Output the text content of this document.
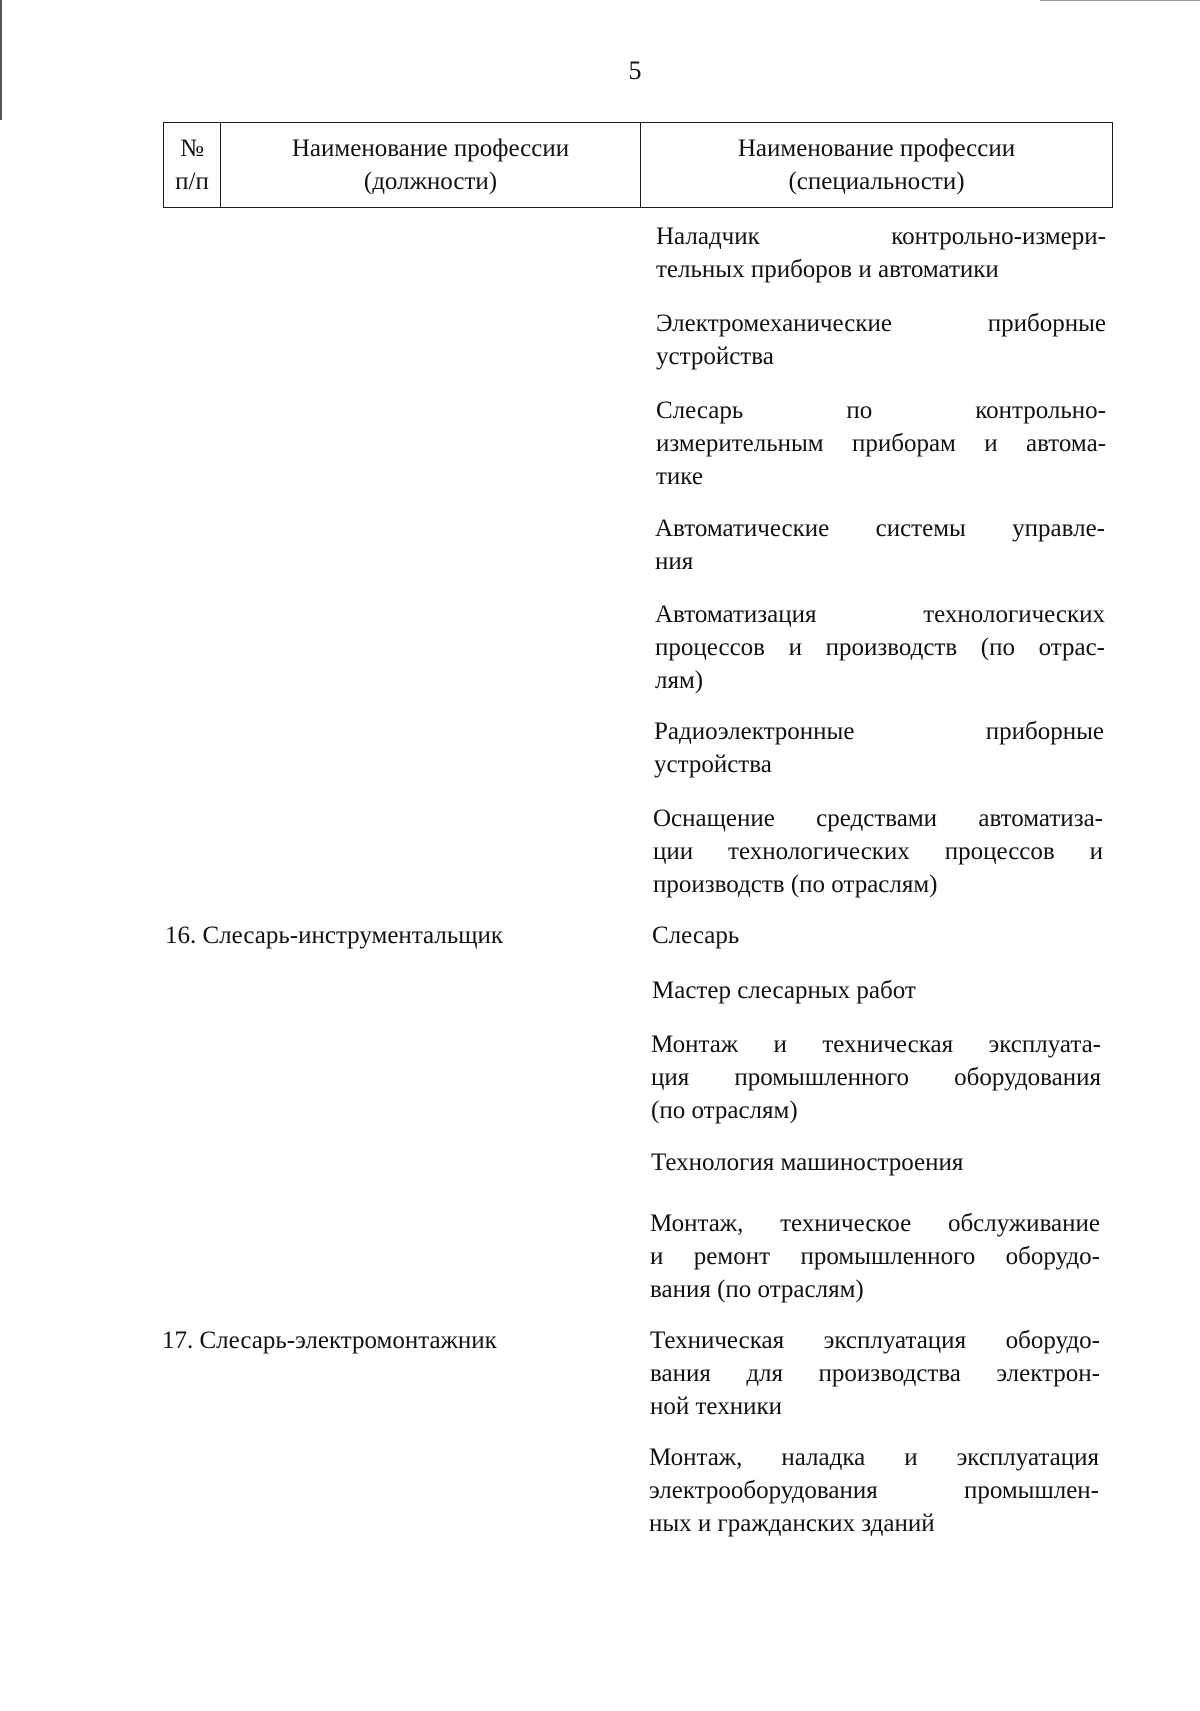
5
№
п/п
Наименование профессии
(должности)
Наименование профессии
(специальности)
16. Слесарь-инструментальщик
17. Слесарь-электромонтажник
Наладчик контрольно-измери-
тельных приборов и автоматики
Электромеханические приборные
устройства
Слесарь по контрольно-
измерительным приборам и автома-
тике
Автоматические системы управле-
ния
Автоматизация технологических
процессов и производств (по отрас-
лям)
Радиоэлектронные приборные
устройства
Оснащение средствами автоматиза-
ции технологических процессов и
производств (по отраслям)
Слесарь
Мастер слесарных работ
Монтаж и техническая эксплуата-
ция промышленного оборудования
(по отраслям)
Технология машиностроения
Монтаж, техническое обслуживание
и ремонт промышленного оборудо-
вания (по отраслям)
Техническая эксплуатация оборудо-
вания для производства электрон-
ной техники
Монтаж, наладка и эксплуатация
электрооборудования промышлен-
ных и гражданских зданий
